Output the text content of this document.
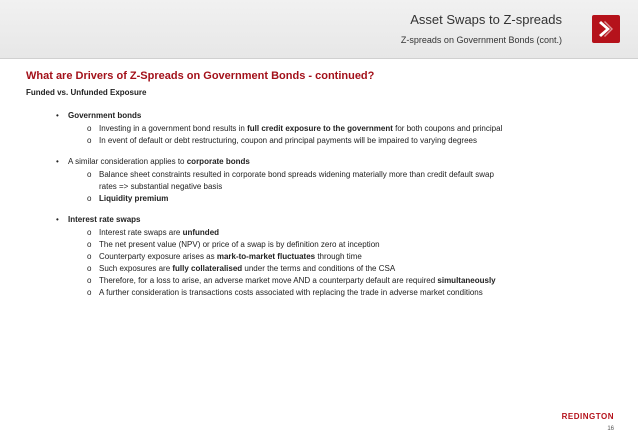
Asset Swaps to Z-spreads
Z-spreads on Government Bonds (cont.)
What are Drivers of Z-Spreads on Government Bonds - continued?
Funded vs. Unfunded Exposure
• Government bonds
o Investing in a government bond results in full credit exposure to the government for both coupons and principal
o In event of default or debt restructuring, coupon and principal payments will be impaired to varying degrees
• A similar consideration applies to corporate bonds
o Balance sheet constraints resulted in corporate bond spreads widening materially more than credit default swap
rates => substantial negative basis
o Liquidity premium
• Interest rate swaps
o Interest rate swaps are unfunded
o The net present value (NPV) or price of a swap is by definition zero at inception
o Counterparty exposure arises as mark-to-market fluctuates through time
o Such exposures are fully collateralised under the terms and conditions of the CSA
o Therefore, for a loss to arise, an adverse market move AND a counterparty default are required simultaneously
o A further consideration is transactions costs associated with replacing the trade in adverse market conditions
REDINGTON
16
